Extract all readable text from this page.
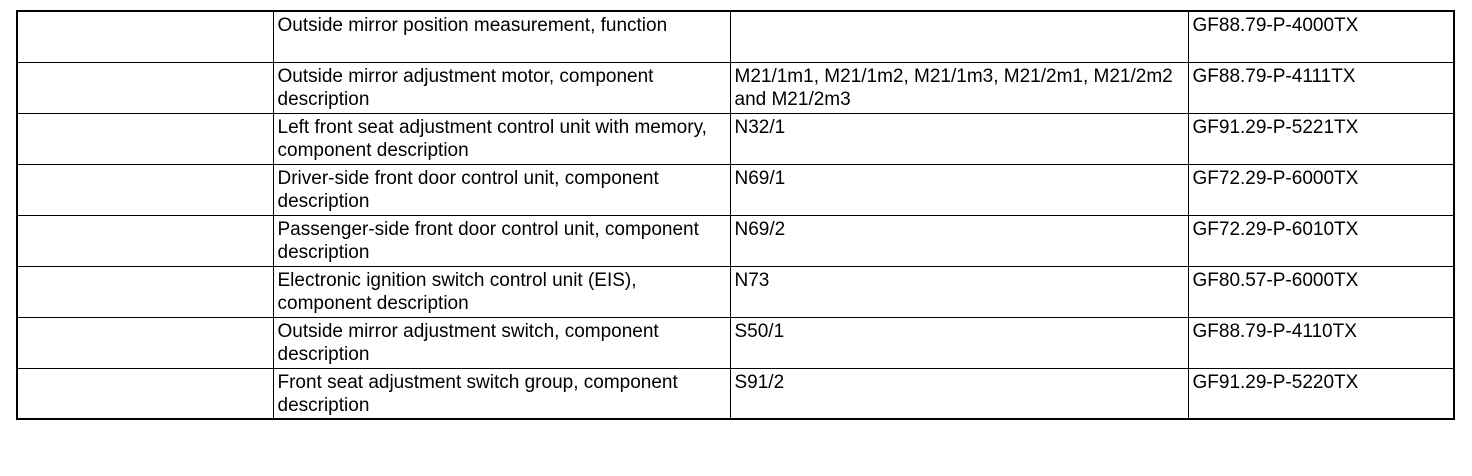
	Outside mirror position measurement, function		GF88.79-P-4000TX
	Outside mirror adjustment motor, component description	M21/1m1, M21/1m2, M21/1m3, M21/2m1, M21/2m2 and M21/2m3	GF88.79-P-4111TX
	Left front seat adjustment control unit with memory, component description	N32/1	GF91.29-P-5221TX
	Driver-side front door control unit, component description	N69/1	GF72.29-P-6000TX
	Passenger-side front door control unit, component description	N69/2	GF72.29-P-6010TX
	Electronic ignition switch control unit (EIS), component description	N73	GF80.57-P-6000TX
	Outside mirror adjustment switch, component description	S50/1	GF88.79-P-4110TX
	Front seat adjustment switch group, component description	S91/2	GF91.29-P-5220TX
